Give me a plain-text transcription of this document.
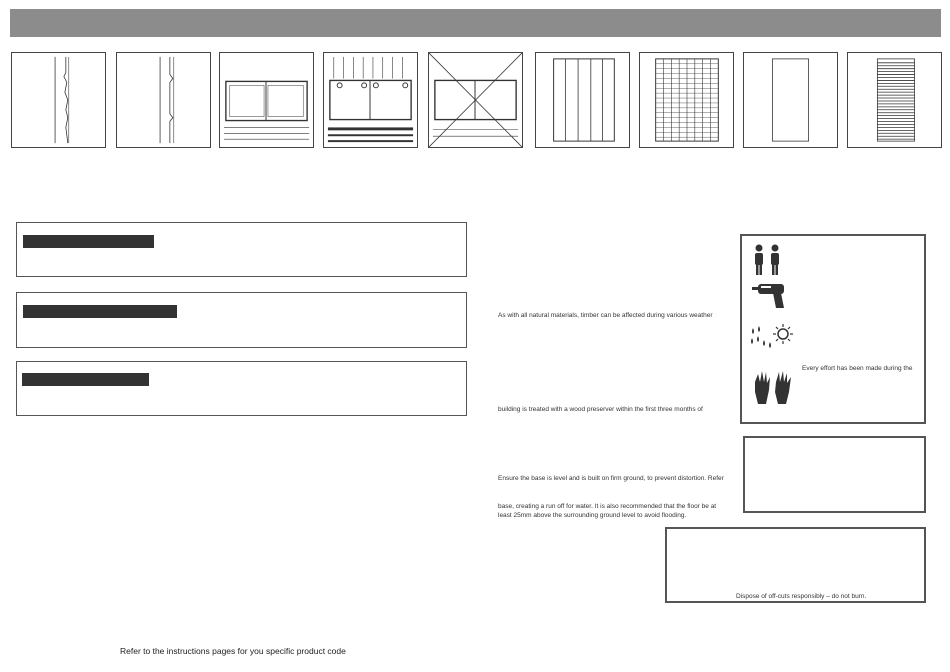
As with all natural materials, timber can be affected during various weather
building is treated with a wood preserver within the first three months of
Ensure the base is level and is built on firm ground, to prevent distortion. Refer
base, creating a run off for water. It is also recommended that the floor be at
least 25mm above the surrounding ground level to avoid flooding.
Every effort has been made during the
Dispose of off-cuts responsibly – do not burn.
Refer to the instructions pages for you specific product code
